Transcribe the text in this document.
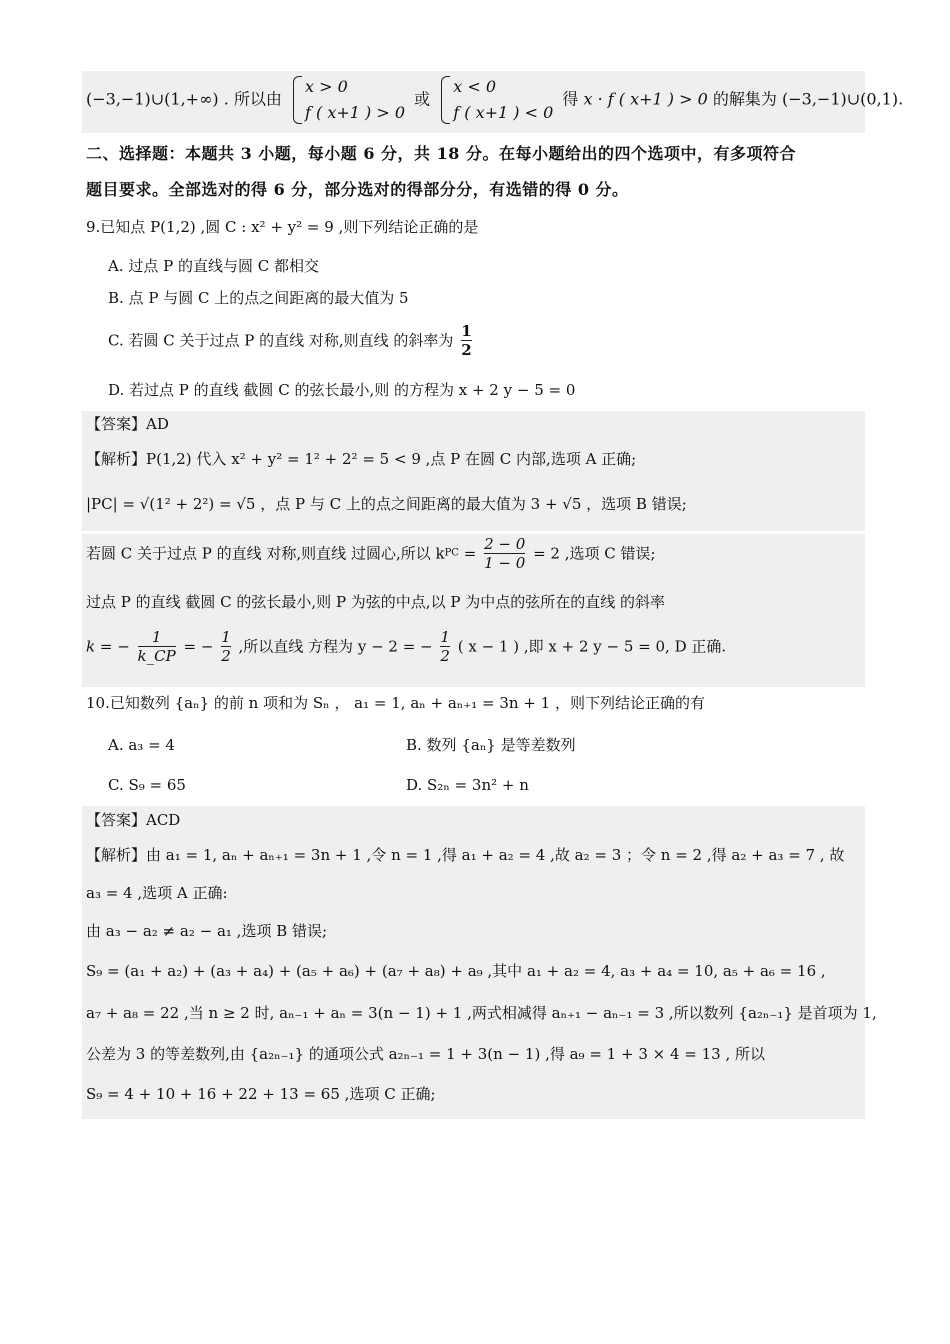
(−3,−1)∪(1,+∞) . 所以由
x > 0
f ( x+1 ) > 0
或
x < 0
f ( x+1 ) < 0
得 x · f ( x+1 ) > 0 的解集为 (−3,−1)∪(0,1).
二、选择题：本题共 3 小题，每小题 6 分，共 18 分。在每小题给出的四个选项中，有多项符合
题目要求。全部选对的得 6 分，部分选对的得部分分，有选错的得 0 分。
9.已知点 P(1,2) ,圆 C : x² + y² = 9 ,则下列结论正确的是
A. 过点 P 的直线与圆 C 都相交
B. 点 P 与圆 C 上的点之间距离的最大值为 5
C. 若圆 C 关于过点 P 的直线 对称,则直线 的斜率为 $\frac{1}{2}$
D. 若过点 P 的直线 截圆 C 的弦长最小,则 的方程为 x + 2 y − 5 = 0
【答案】AD
【解析】P(1,2) 代入 x² + y² = 1² + 2² = 5 < 9 ,点 P 在圆 C 内部,选项 A 正确;
|PC| = √(1² + 2²) = √5 ，点 P 与 C 上的点之间距离的最大值为 3 + √5 ，选项 B 错误;
若圆 C 关于过点 P 的直线 对称,则直线 过圆心,所以 kPC = $\frac{2 - 0}{1 - 0} = 2$ ,选项 C 错误;
过点 P 的直线 截圆 C 的弦长最小,则 P 为弦的中点,以 P 为中点的弦所在的直线 的斜率
k = − $\frac{1}{k\_CP}$ = − $\frac{1}{2}$ ,所以直线 方程为 y − 2 = − $\frac{1}{2}$ ( x − 1 ) ,即 x + 2 y − 5 = 0, D 正确.
10.已知数列 {aₙ} 的前 n 项和为 Sₙ ， a₁ = 1, aₙ + aₙ₊₁ = 3n + 1 ，则下列结论正确的有
A. a₃ = 4	B. 数列 {aₙ} 是等差数列
C. S₉ = 65	D. S₂ₙ = 3n² + n
【答案】ACD
【解析】由 a₁ = 1, aₙ + aₙ₊₁ = 3n + 1 ,令 n = 1 ,得 a₁ + a₂ = 4 ,故 a₂ = 3 ；令 n = 2 ,得 a₂ + a₃ = 7 , 故
a₃ = 4 ,选项 A 正确:
由 a₃ − a₂ ≠ a₂ − a₁ ,选项 B 错误;
S₉ = (a₁ + a₂) + (a₃ + a₄) + (a₅ + a₆) + (a₇ + a₈) + a₉ ,其中 a₁ + a₂ = 4, a₃ + a₄ = 10, a₅ + a₆ = 16 ,
a₇ + a₈ = 22 ,当 n ≥ 2 时, aₙ₋₁ + aₙ = 3(n − 1) + 1 ,两式相减得 aₙ₊₁ − aₙ₋₁ = 3 ,所以数列 {a₂ₙ₋₁} 是首项为 1,
公差为 3 的等差数列,由 {a₂ₙ₋₁} 的通项公式 a₂ₙ₋₁ = 1 + 3(n − 1) ,得 a₉ = 1 + 3 × 4 = 13 , 所以
S₉ = 4 + 10 + 16 + 22 + 13 = 65 ,选项 C 正确;
